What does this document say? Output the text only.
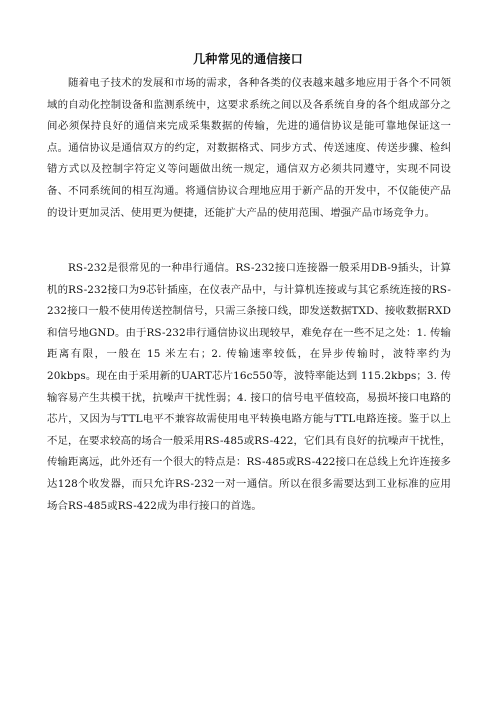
几种常见的通信接口

随着电子技术的发展和市场的需求，各种各类的仪表越来越多地应用于各个不同领域的自动化控制设备和监测系统中，这要求系统之间以及各系统自身的各个组成部分之间必须保持良好的通信来完成采集数据的传输，先进的通信协议是能可靠地保证这一点。通信协议是通信双方的约定，对数据格式、同步方式、传送速度、传送步骤、检纠错方式以及控制字符定义等问题做出统一规定，通信双方必须共同遵守，实现不同设备、不同系统间的相互沟通。将通信协议合理地应用于新产品的开发中，不仅能使产品的设计更加灵活、使用更为便捷，还能扩大产品的使用范围、增强产品市场竞争力。

RS-232是很常见的一种串行通信。RS-232接口连接器一般采用DB-9插头，计算机的RS-232接口为9芯针插座，在仪表产品中，与计算机连接或与其它系统连接的RS-232接口一般不使用传送控制信号，只需三条接口线，即发送数据TXD、接收数据RXD和信号地GND。由于RS-232串行通信协议出现较早，难免存在一些不足之处：1. 传输距离有限，一般在 15 米左右；2. 传输速率较低，在异步传输时，波特率约为20kbps。现在由于采用新的UART芯片16c550等，波特率能达到 115.2kbps；3. 传输容易产生共模干扰，抗噪声干扰性弱；4. 接口的信号电平值较高，易损坏接口电路的芯片，又因为与TTL电平不兼容故需使用电平转换电路方能与TTL电路连接。鉴于以上不足，在要求较高的场合一般采用RS-485或RS-422，它们具有良好的抗噪声干扰性，传输距离远，此外还有一个很大的特点是：RS-485或RS-422接口在总线上允许连接多达128个收发器，而只允许RS-232一对一通信。所以在很多需要达到工业标准的应用场合RS-485或RS-422成为串行接口的首选。
